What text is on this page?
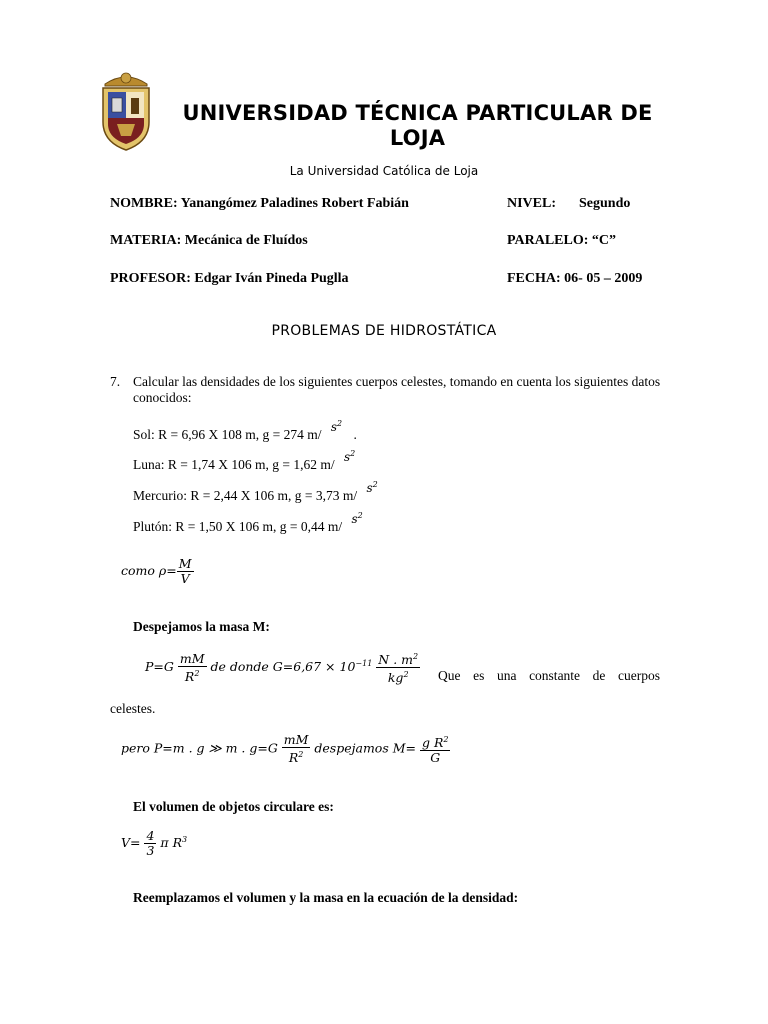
UNIVERSIDAD TÉCNICA PARTICULAR DE LOJA
La Universidad Católica de Loja
NOMBRE: Yanangómez Paladines Robert Fabián	NIVEL: Segundo
MATERIA: Mecánica de Fluídos	PARALELO: “C”
PROFESOR: Edgar Iván Pineda Puglla	FECHA: 06- 05 – 2009
PROBLEMAS DE HIDROSTÁTICA
7. Calcular las densidades de los siguientes cuerpos celestes, tomando en cuenta los siguientes datos conocidos:
Sol: R = 6,96 X 108 m, g = 274 m/ $s^2$ .
Luna: R = 1,74 X 106 m, g = 1,62 m/ $s^2$
Mercurio: R = 2,44 X 106 m, g = 3,73 m/ $s^2$
Plutón: R = 1,50 X 106 m, g = 0,44 m/ $s^2$
como $\rho= \frac{M}{V}$
Despejamos la masa M:
$P=G \frac{mM}{R^2}$ de donde $G=6,67 \times 10^{-11} \frac{N . m^2}{kg^2}$ Que es una constante de cuerpos
celestes.
pero P=m . g ≫ m . $g=G \frac{mM}{R^2}$ despejamos $M= \frac{g R^2}{G}$
El volumen de objetos circulare es:
$V= \frac{4}{3}$ π $R^3$
Reemplazamos el volumen y la masa en la ecuación de la densidad:
